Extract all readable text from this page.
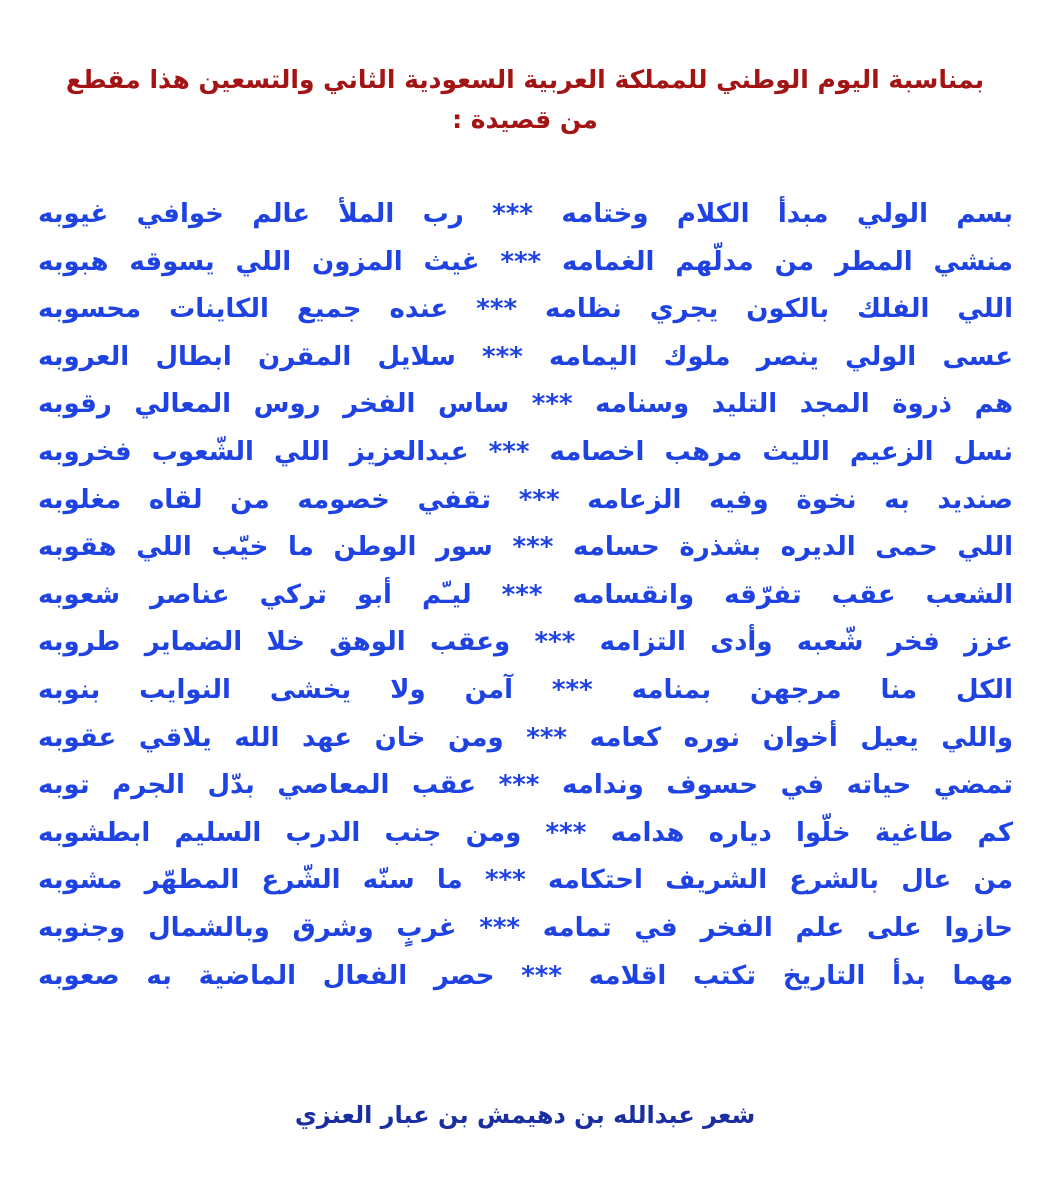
بمناسبة اليوم الوطني للمملكة العربية السعودية الثاني والتسعين هذا مقطع
من قصيدة :
بسم الولي مبدأ الكلام وختامه *** رب الملأ عالم خوافي غيوبه
منشي المطر من مدلّهم الغمامه *** غيث المزون اللي يسوقه هبوبه
اللي الفلك بالكون يجري نظامه *** عنده جميع الكاينات محسوبه
عسى الولي ينصر ملوك اليمامه *** سلايل المقرن ابطال العروبه
هم ذروة المجد التليد وسنامه *** ساس الفخر روس المعالي رقوبه
نسل الزعيم الليث مرهب اخصامه *** عبدالعزيز اللي الشّعوب فخروبه
صنديد به نخوة وفيه الزعامه *** تقفي خصومه من لقاه مغلوبه
اللي حمى الديره بشذرة حسامه *** سور الوطن ما خيّب اللي هقوبه
الشعب عقب تفرّقه وانقسامه *** ليـّم أبو تركي عناصر شعوبه
عزز فخر شّعبه وأدى التزامه *** وعقب الوهق خلا الضماير طروبه
الكل منا مرجهن بمنامه *** آمن ولا يخشى النوايب بنوبه
واللي يعيل أخوان نوره كعامه *** ومن خان عهد الله يلاقي عقوبه
تمضي حياته في حسوف وندامه *** عقب المعاصي بدّل الجرم توبه
كم طاغية خلّوا دياره هدامه *** ومن جنب الدرب السليم ابطشوبه
من عال بالشرع الشريف احتكامه *** ما سنّه الشّرع المطهّر مشوبه
حازوا على علم الفخر في تمامه *** غربٍ وشرق وبالشمال وجنوبه
مهما بدأ التاريخ تكتب اقلامه *** حصر الفعال الماضية به صعوبه
شعر عبدالله بن دهيمش بن عبار العنزي
